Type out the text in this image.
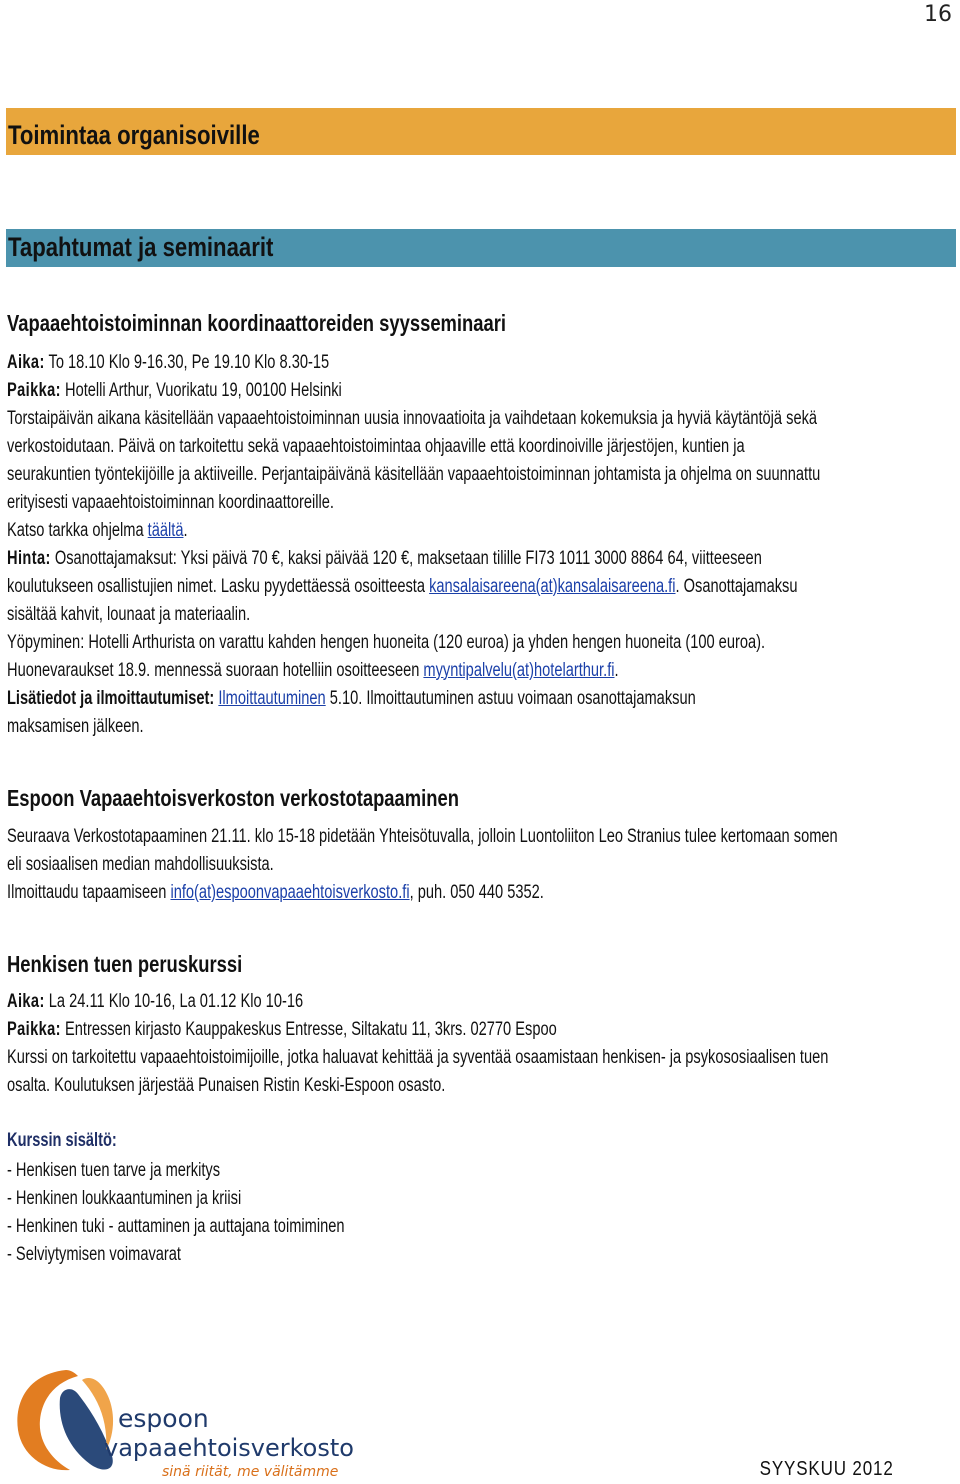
16
Toimintaa organisoiville
Tapahtumat ja seminaarit
Vapaaehtoistoiminnan koordinaattoreiden syysseminaari
Aika: To 18.10 Klo 9-16.30, Pe 19.10 Klo 8.30-15
Paikka: Hotelli Arthur, Vuorikatu 19, 00100 Helsinki
Torstaipäivän aikana käsitellään vapaaehtoistoiminnan uusia innovaatioita ja vaihdetaan kokemuksia ja hyviä käytäntöjä sekä
verkostoidutaan. Päivä on tarkoitettu sekä vapaaehtoistoimintaa ohjaaville että koordinoiville järjestöjen, kuntien ja
seurakuntien työntekijöille ja aktiiveille. Perjantaipäivänä käsitellään vapaaehtoistoiminnan johtamista ja ohjelma on suunnattu
erityisesti vapaaehtoistoiminnan koordinaattoreille.
Katso tarkka ohjelma täältä.
Hinta: Osanottajamaksut: Yksi päivä 70 €, kaksi päivää 120 €, maksetaan tilille FI73 1011 3000 8864 64, viitteeseen
koulutukseen osallistujien nimet. Lasku pyydettäessä osoitteesta kansalaisareena(at)kansalaisareena.fi. Osanottajamaksu
sisältää kahvit, lounaat ja materiaalin.
Yöpyminen: Hotelli Arthurista on varattu kahden hengen huoneita (120 euroa) ja yhden hengen huoneita (100 euroa).
Huonevaraukset 18.9. mennessä suoraan hotelliin osoitteeseen myyntipalvelu(at)hotelarthur.fi.
Lisätiedot ja ilmoittautumiset: Ilmoittautuminen 5.10. Ilmoittautuminen astuu voimaan osanottajamaksun
maksamisen jälkeen.
Espoon Vapaaehtoisverkoston verkostotapaaminen
Seuraava Verkostotapaaminen 21.11. klo 15-18 pidetään Yhteisötuvalla, jolloin Luontoliiton Leo Stranius tulee kertomaan somen
eli sosiaalisen median mahdollisuuksista.
Ilmoittaudu tapaamiseen info(at)espoonvapaaehtoisverkosto.fi, puh. 050 440 5352.
Henkisen tuen peruskurssi
Aika: La 24.11 Klo 10-16, La 01.12 Klo 10-16
Paikka: Entressen kirjasto Kauppakeskus Entresse, Siltakatu 11, 3krs. 02770 Espoo
Kurssi on tarkoitettu vapaaehtoistoimijoille, jotka haluavat kehittää ja syventää osaamistaan henkisen- ja psykososiaalisen tuen
osalta. Koulutuksen järjestää Punaisen Ristin Keski-Espoon osasto.
Kurssin sisältö:
- Henkisen tuen tarve ja merkitys
- Henkinen loukkaantuminen ja kriisi
- Henkinen tuki - auttaminen ja auttajana toimiminen
- Selviytymisen voimavarat
espoon
vapaaehtoisverkosto
sinä riität, me välitämme	SYYSKUU 2012
